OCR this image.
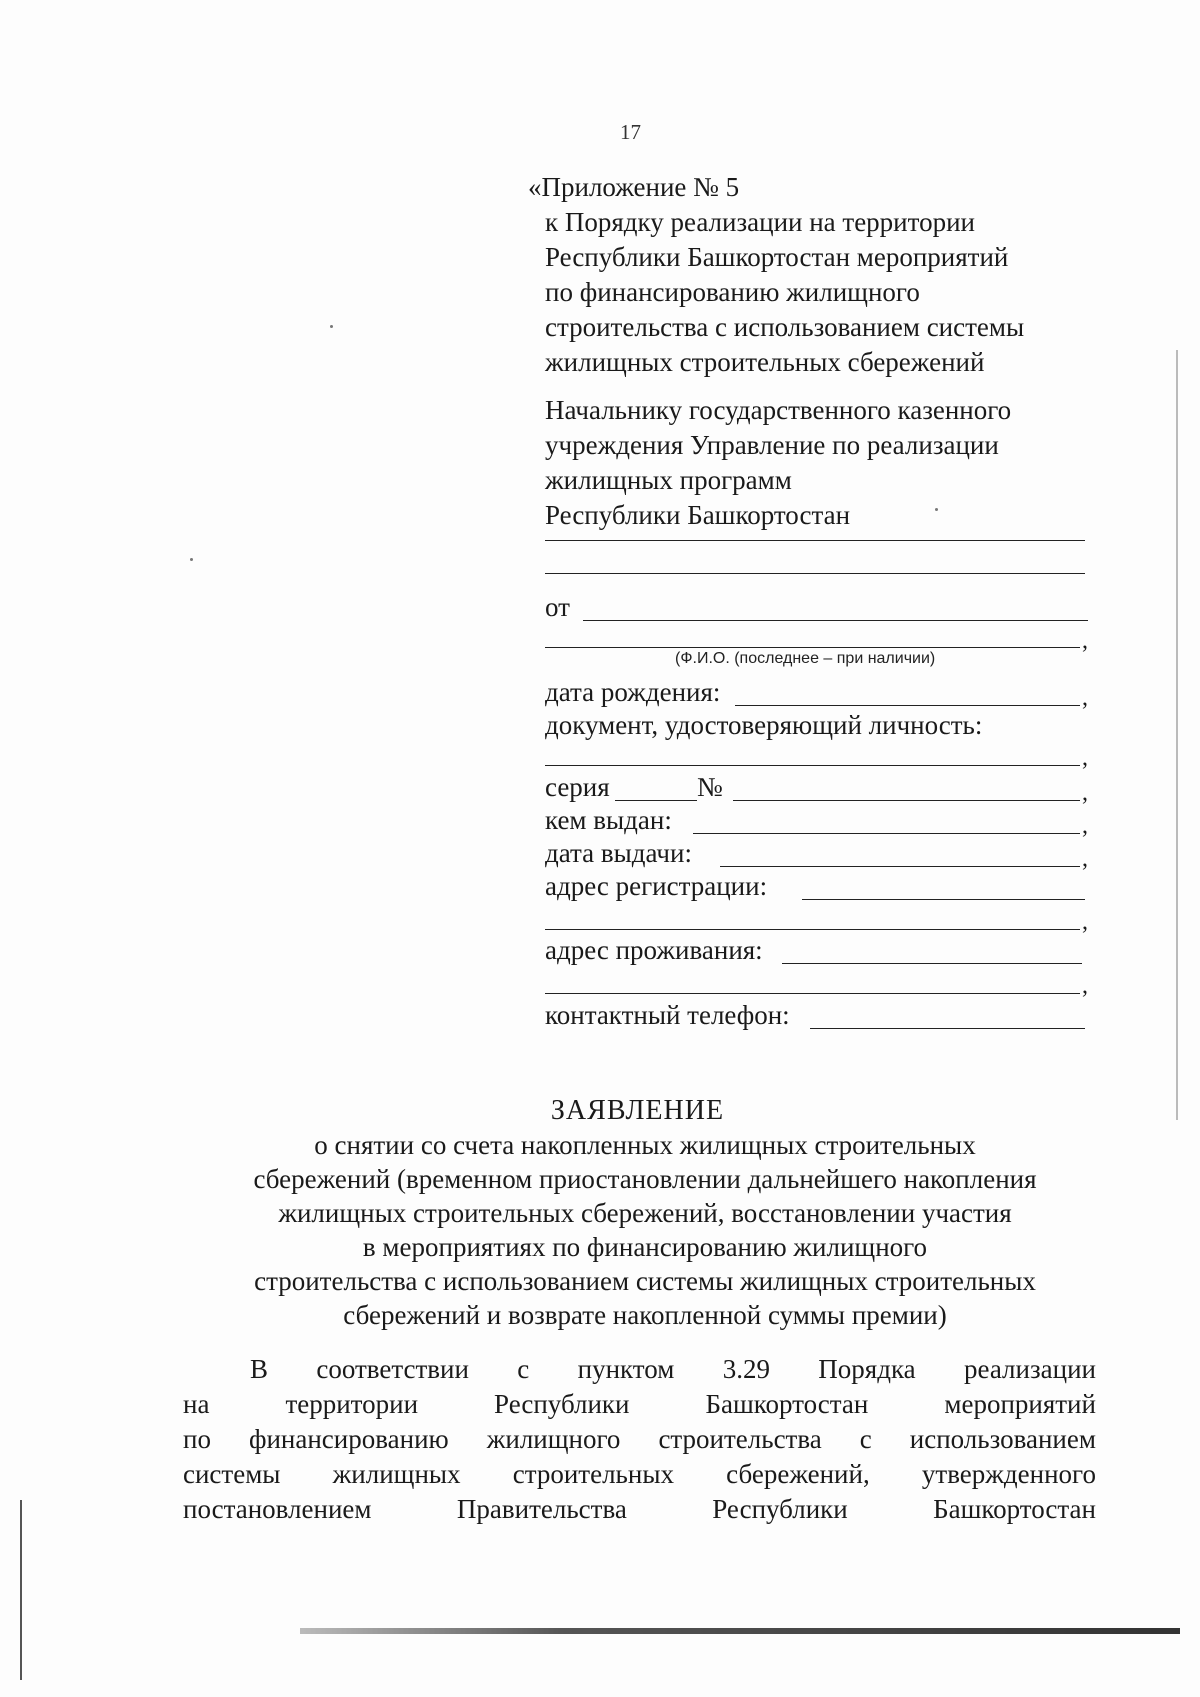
17
«Приложение № 5
к Порядку реализации на территории
Республики Башкортостан мероприятий
по финансированию жилищного
строительства с использованием системы
жилищных строительных сбережений
Начальнику государственного казенного
учреждения Управление по реализации
жилищных программ
Республики Башкортостан
от
,
(Ф.И.О. (последнее – при наличии)
дата рождения:	,
документ, удостоверяющий личность:
,
серия	№	,
кем выдан:	,
дата выдачи:	,
адрес регистрации:
,
адрес проживания:
,
контактный телефон:
ЗАЯВЛЕНИЕ
о снятии со счета накопленных жилищных строительных
сбережений (временном приостановлении дальнейшего накопления
жилищных строительных сбережений, восстановлении участия
в мероприятиях по финансированию жилищного
строительства с использованием системы жилищных строительных
сбережений и возврате накопленной суммы премии)
В соответствии с пунктом 3.29 Порядка реализации
на	территории	Республики	Башкортостан	мероприятий
по финансированию жилищного строительства с использованием
системы жилищных строительных сбережений, утвержденного
постановлением	Правительства	Республики	Башкортостан
